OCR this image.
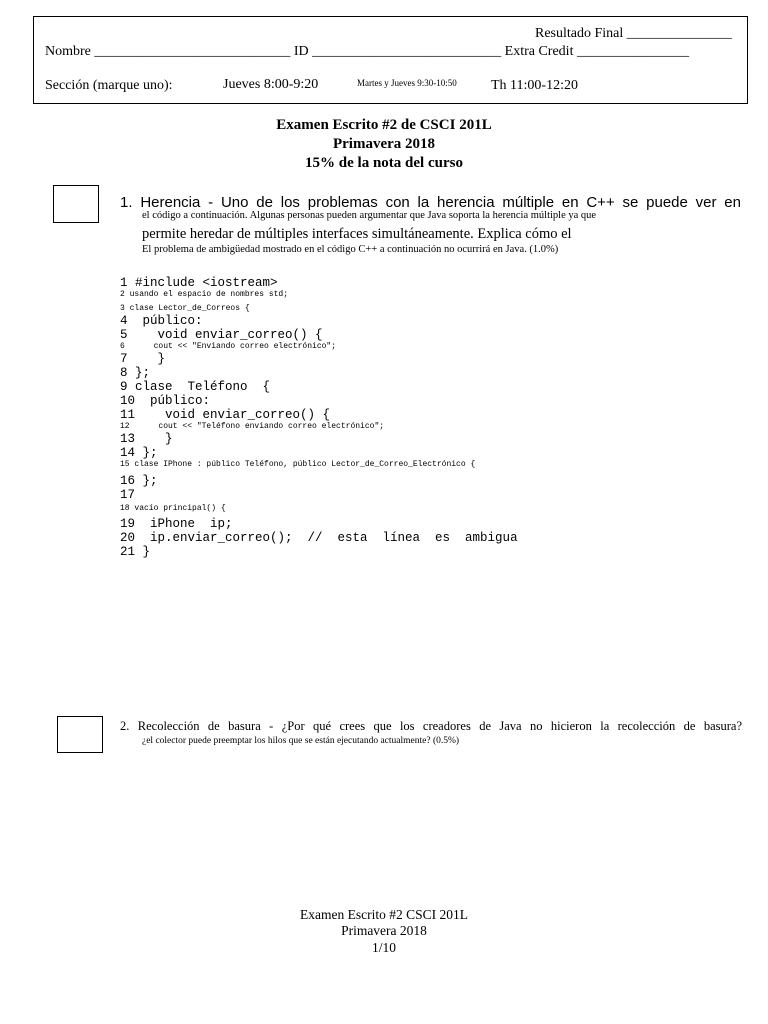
Resultado Final _______________
Nombre ____________________________ ID ___________________________ Extra Credit ________________
Sección (marque uno):	Jueves 8:00-9:20	Martes y Jueves 9:30-10:50 Th 11:00-12:20
Examen Escrito #2 de CSCI 201L
Primavera 2018
15% de la nota del curso
1. Herencia - Uno de los problemas con la herencia múltiple en C++ se puede ver en
el código a continuación. Algunas personas pueden argumentar que Java soporta la herencia múltiple ya que
permite heredar de múltiples interfaces simultáneamente. Explica cómo el
El problema de ambigüedad mostrado en el código C++ a continuación no ocurrirá en Java. (1.0%)
1 #include <iostream>
2 usando el espacio de nombres std;
3 clase Lector_de_Correos {
4  público:
5    void enviar_correo() {
6      cout << "Enviando correo electrónico";
7    }
8 };
9 clase  Teléfono  {
10  público:
11    void enviar_correo() {
12      cout << "Teléfono enviando correo electrónico";
13    }
14 };
15 clase IPhone : público Teléfono, público Lector_de_Correo_Electrónico {
16 };
17
18 vacío principal() {
19  iPhone  ip;
20  ip.enviar_correo();  //  esta  línea  es  ambigua
21 }
2. Recolección de basura - ¿Por qué crees que los creadores de Java no hicieron la recolección de basura?
¿el colector puede preemptar los hilos que se están ejecutando actualmente? (0.5%)
Examen Escrito #2 CSCI 201L
Primavera 2018
1/10
